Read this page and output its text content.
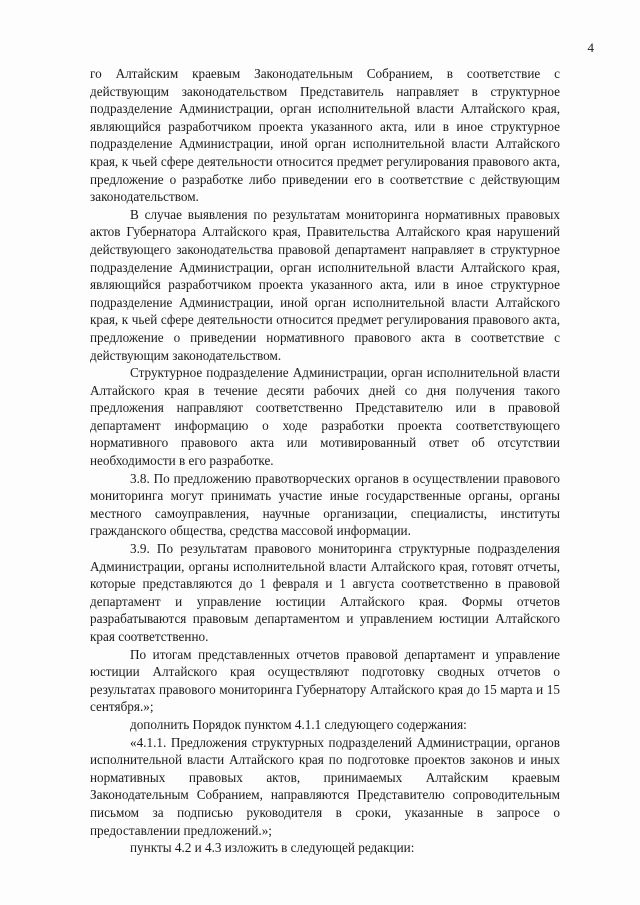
4

го Алтайским краевым Законодательным Собранием, в соответствие с действующим законодательством Представитель направляет в структурное подразделение Администрации, орган исполнительной власти Алтайского края, являющийся разработчиком проекта указанного акта, или в иное структурное подразделение Администрации, иной орган исполнительной власти Алтайского края, к чьей сфере деятельности относится предмет регулирования правового акта, предложение о разработке либо приведении его в соответствие с действующим законодательством.

В случае выявления по результатам мониторинга нормативных правовых актов Губернатора Алтайского края, Правительства Алтайского края нарушений действующего законодательства правовой департамент направляет в структурное подразделение Администрации, орган исполнительной власти Алтайского края, являющийся разработчиком проекта указанного акта, или в иное структурное подразделение Администрации, иной орган исполнительной власти Алтайского края, к чьей сфере деятельности относится предмет регулирования правового акта, предложение о приведении нормативного правового акта в соответствие с действующим законодательством.

Структурное подразделение Администрации, орган исполнительной власти Алтайского края в течение десяти рабочих дней со дня получения такого предложения направляют соответственно Представителю или в правовой департамент информацию о ходе разработки проекта соответствующего нормативного правового акта или мотивированный ответ об отсутствии необходимости в его разработке.

3.8. По предложению правотворческих органов в осуществлении правового мониторинга могут принимать участие иные государственные органы, органы местного самоуправления, научные организации, специалисты, институты гражданского общества, средства массовой информации.

3.9. По результатам правового мониторинга структурные подразделения Администрации, органы исполнительной власти Алтайского края, готовят отчеты, которые представляются до 1 февраля и 1 августа соответственно в правовой департамент и управление юстиции Алтайского края. Формы отчетов разрабатываются правовым департаментом и управлением юстиции Алтайского края соответственно.

По итогам представленных отчетов правовой департамент и управление юстиции Алтайского края осуществляют подготовку сводных отчетов о результатах правового мониторинга Губернатору Алтайского края до 15 марта и 15 сентября.»;

дополнить Порядок пунктом 4.1.1 следующего содержания:

«4.1.1. Предложения структурных подразделений Администрации, органов исполнительной власти Алтайского края по подготовке проектов законов и иных нормативных правовых актов, принимаемых Алтайским краевым Законодательным Собранием, направляются Представителю сопроводительным письмом за подписью руководителя в сроки, указанные в запросе о предоставлении предложений.»;

пункты 4.2 и 4.3 изложить в следующей редакции:
